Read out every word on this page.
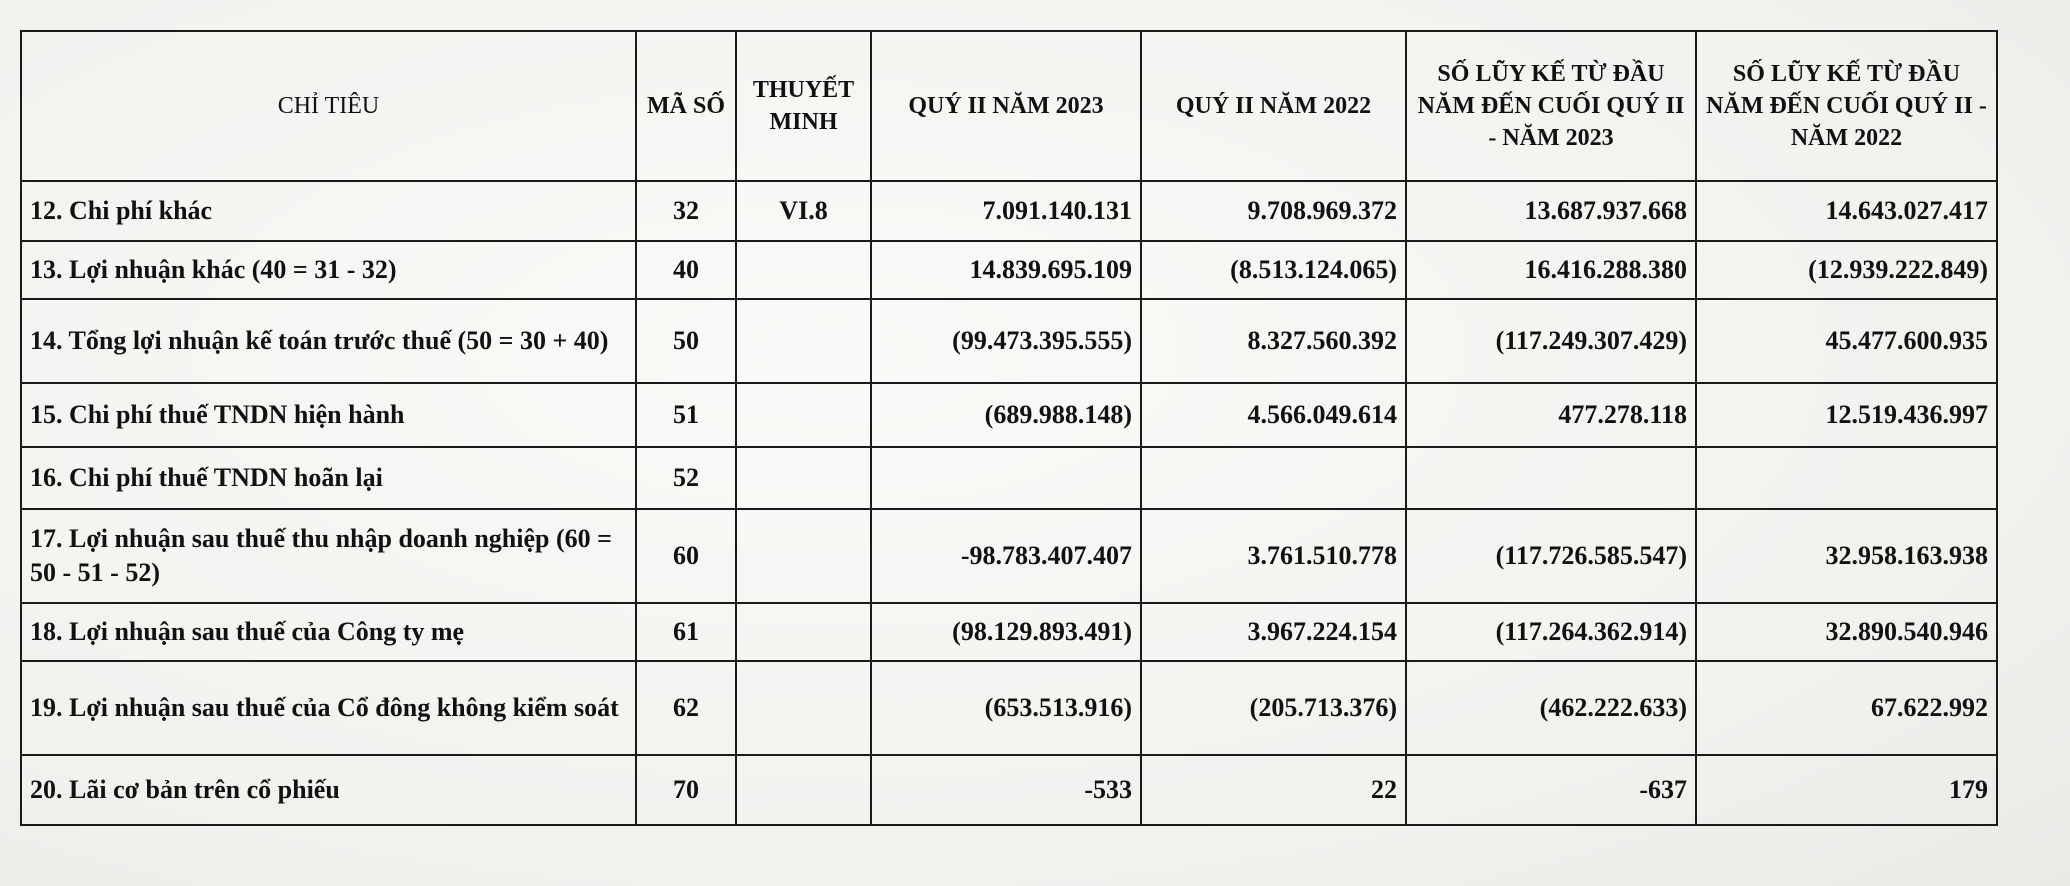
CHỈ TIÊU	MÃ SỐ	THUYẾT MINH	QUÝ II NĂM 2023	QUÝ II NĂM 2022	SỐ LŨY KẾ TỪ ĐẦU NĂM ĐẾN CUỐI QUÝ II - NĂM 2023	SỐ LŨY KẾ TỪ ĐẦU NĂM ĐẾN CUỐI QUÝ II - NĂM 2022
12. Chi phí khác	32	VI.8	7.091.140.131	9.708.969.372	13.687.937.668	14.643.027.417
13. Lợi nhuận khác (40 = 31 - 32)	40		14.839.695.109	(8.513.124.065)	16.416.288.380	(12.939.222.849)
14. Tổng lợi nhuận kế toán trước thuế (50 = 30 + 40)	50		(99.473.395.555)	8.327.560.392	(117.249.307.429)	45.477.600.935
15. Chi phí thuế TNDN hiện hành	51		(689.988.148)	4.566.049.614	477.278.118	12.519.436.997
16. Chi phí thuế TNDN hoãn lại	52					
17. Lợi nhuận sau thuế thu nhập doanh nghiệp (60 = 50 - 51 - 52)	60		-98.783.407.407	3.761.510.778	(117.726.585.547)	32.958.163.938
18. Lợi nhuận sau thuế của Công ty mẹ	61		(98.129.893.491)	3.967.224.154	(117.264.362.914)	32.890.540.946
19. Lợi nhuận sau thuế của Cổ đông không kiểm soát	62		(653.513.916)	(205.713.376)	(462.222.633)	67.622.992
20. Lãi cơ bản trên cổ phiếu	70		-533	22	-637	179
